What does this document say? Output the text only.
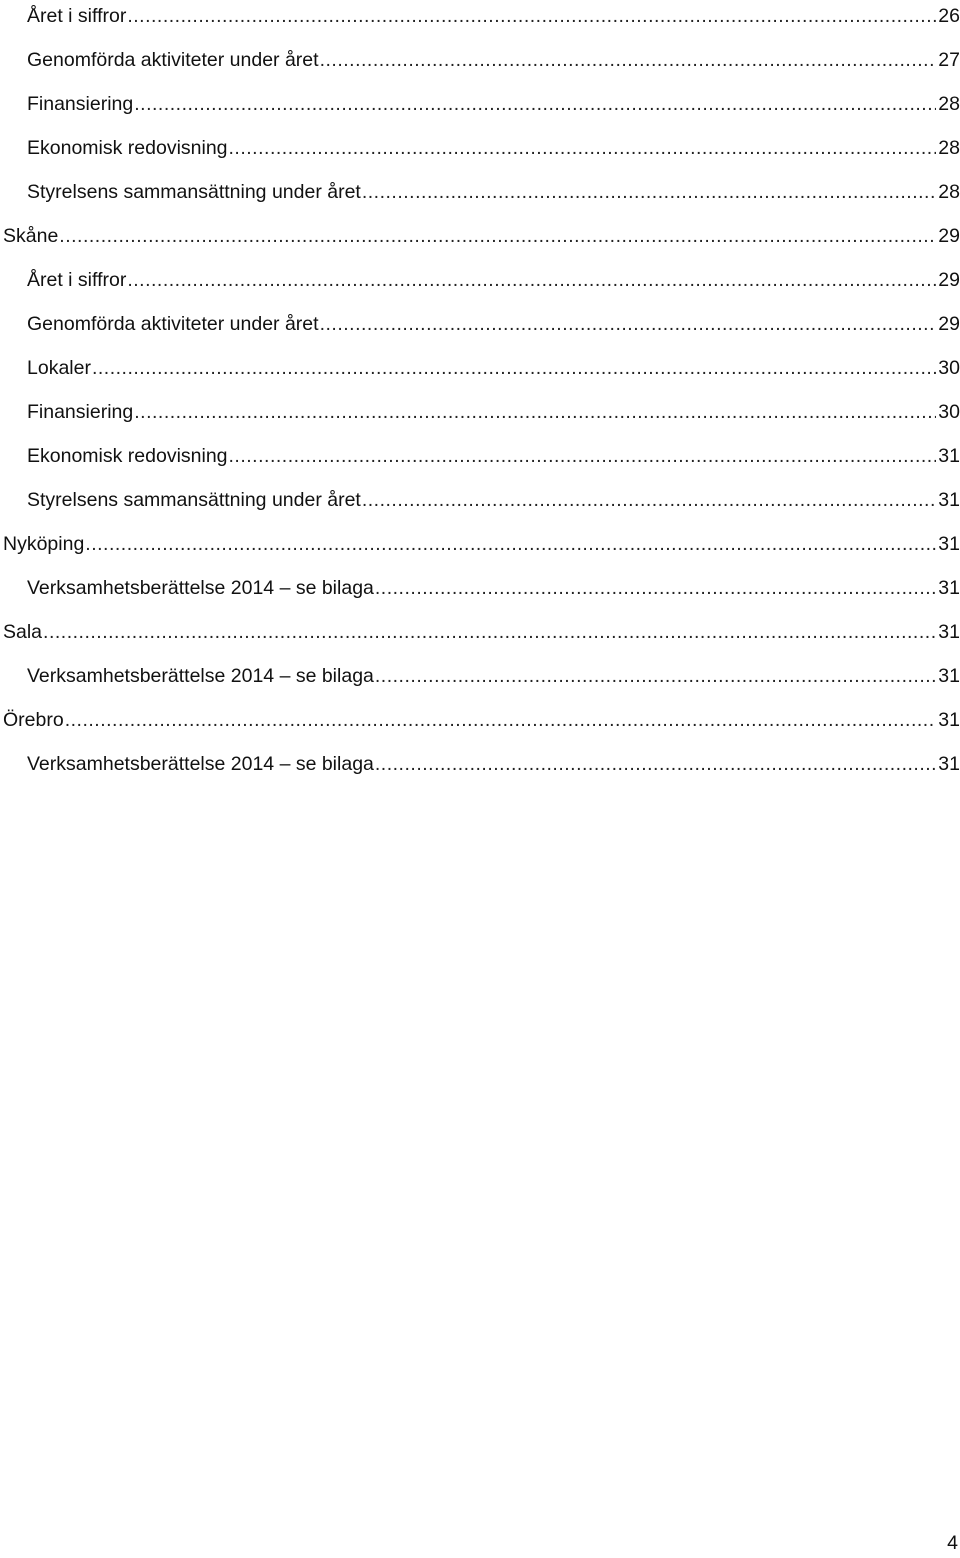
Året i siffror .....	26
Genomförda aktiviteter under året .....	27
Finansiering .....	28
Ekonomisk redovisning .....	28
Styrelsens sammansättning under året .....	28
Skåne .....	29
Året i siffror .....	29
Genomförda aktiviteter under året .....	29
Lokaler .....	30
Finansiering .....	30
Ekonomisk redovisning .....	31
Styrelsens sammansättning under året .....	31
Nyköping .....	31
Verksamhetsberättelse 2014 – se bilaga .....	31
Sala .....	31
Verksamhetsberättelse 2014 – se bilaga .....	31
Örebro .....	31
Verksamhetsberättelse 2014 – se bilaga .....	31
4
